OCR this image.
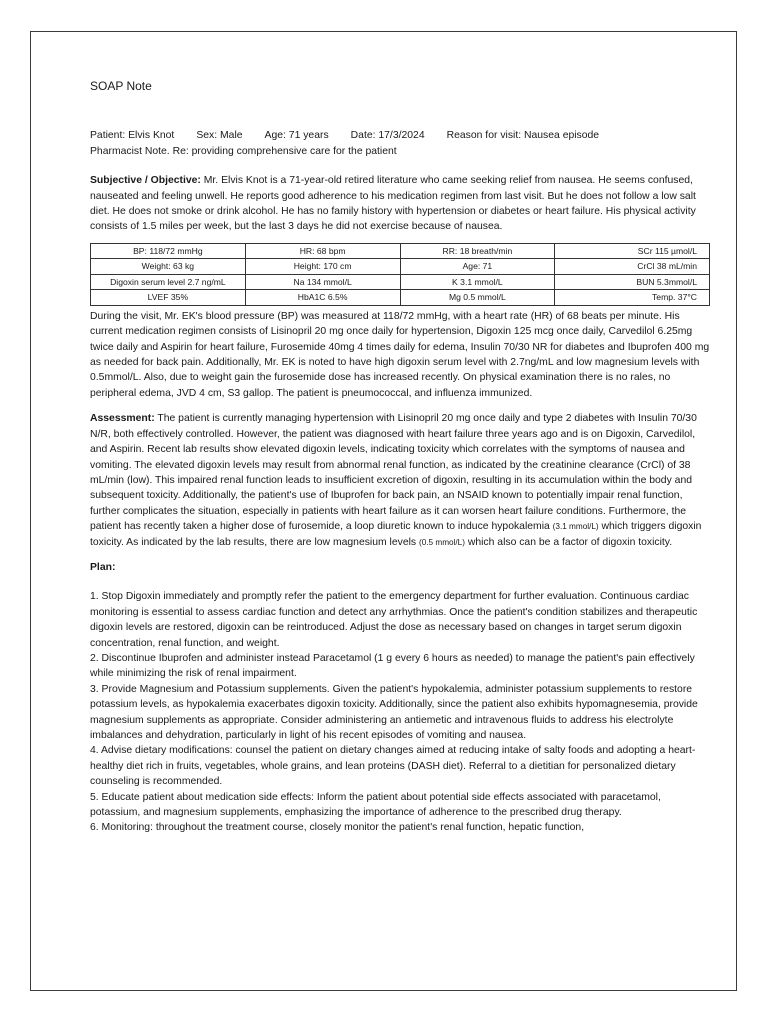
SOAP Note

Patient: Elvis Knot Sex: Male Age: 71 years Date: 17/3/2024 Reason for visit: Nausea episode

Pharmacist Note. Re: providing comprehensive care for the patient

Subjective / Objective: Mr. Elvis Knot is a 71-year-old retired literature who came seeking relief from nausea. He seems confused, nauseated and feeling unwell. He reports good adherence to his medication regimen from last visit. But he does not follow a low salt diet. He does not smoke or drink alcohol. He has no family history with hypertension or diabetes or heart failure. His physical activity consists of 1.5 miles per week, but the last 3 days he did not exercise because of nausea.

BP: 118/72 mmHg	HR: 68 bpm	RR: 18 breath/min	SCr 115 µmol/L
Weight: 63 kg	Height: 170 cm	Age: 71	CrCl 38 mL/min
Digoxin serum level 2.7 ng/mL	Na 134 mmol/L	K 3.1 mmol/L	BUN 5.3mmol/L
LVEF 35%	HbA1C 6.5%	Mg 0.5 mmol/L	Temp. 37°C

During the visit, Mr. EK's blood pressure (BP) was measured at 118/72 mmHg, with a heart rate (HR) of 68 beats per minute. His current medication regimen consists of Lisinopril 20 mg once daily for hypertension, Digoxin 125 mcg once daily, Carvedilol 6.25mg twice daily and Aspirin for heart failure, Furosemide 40mg 4 times daily for edema, Insulin 70/30 NR for diabetes and Ibuprofen 400 mg as needed for back pain. Additionally, Mr. EK is noted to have high digoxin serum level with 2.7ng/mL and low magnesium levels with 0.5mmol/L. Also, due to weight gain the furosemide dose has increased recently. On physical examination there is no rales, no peripheral edema, JVD 4 cm, S3 gallop. The patient is pneumococcal, and influenza immunized.

Assessment: The patient is currently managing hypertension with Lisinopril 20 mg once daily and type 2 diabetes with Insulin 70/30 N/R, both effectively controlled. However, the patient was diagnosed with heart failure three years ago and is on Digoxin, Carvedilol, and Aspirin. Recent lab results show elevated digoxin levels, indicating toxicity which correlates with the symptoms of nausea and vomiting. The elevated digoxin levels may result from abnormal renal function, as indicated by the creatinine clearance (CrCl) of 38 mL/min (low). This impaired renal function leads to insufficient excretion of digoxin, resulting in its accumulation within the body and subsequent toxicity. Additionally, the patient's use of Ibuprofen for back pain, an NSAID known to potentially impair renal function, further complicates the situation, especially in patients with heart failure as it can worsen heart failure conditions. Furthermore, the patient has recently taken a higher dose of furosemide, a loop diuretic known to induce hypokalemia (3.1 mmol/L) which triggers digoxin toxicity. As indicated by the lab results, there are low magnesium levels (0.5 mmol/L) which also can be a factor of digoxin toxicity.

Plan:

1. Stop Digoxin immediately and promptly refer the patient to the emergency department for further evaluation. Continuous cardiac monitoring is essential to assess cardiac function and detect any arrhythmias. Once the patient's condition stabilizes and therapeutic digoxin levels are restored, digoxin can be reintroduced. Adjust the dose as necessary based on changes in target serum digoxin concentration, renal function, and weight.

2. Discontinue Ibuprofen and administer instead Paracetamol (1 g every 6 hours as needed) to manage the patient's pain effectively while minimizing the risk of renal impairment.

3. Provide Magnesium and Potassium supplements. Given the patient's hypokalemia, administer potassium supplements to restore potassium levels, as hypokalemia exacerbates digoxin toxicity. Additionally, since the patient also exhibits hypomagnesemia, provide magnesium supplements as appropriate. Consider administering an antiemetic and intravenous fluids to address his electrolyte imbalances and dehydration, particularly in light of his recent episodes of vomiting and nausea.

4. Advise dietary modifications: counsel the patient on dietary changes aimed at reducing intake of salty foods and adopting a heart-healthy diet rich in fruits, vegetables, whole grains, and lean proteins (DASH diet). Referral to a dietitian for personalized dietary counseling is recommended.

5. Educate patient about medication side effects: Inform the patient about potential side effects associated with paracetamol, potassium, and magnesium supplements, emphasizing the importance of adherence to the prescribed drug therapy.

6. Monitoring: throughout the treatment course, closely monitor the patient's renal function, hepatic function,
